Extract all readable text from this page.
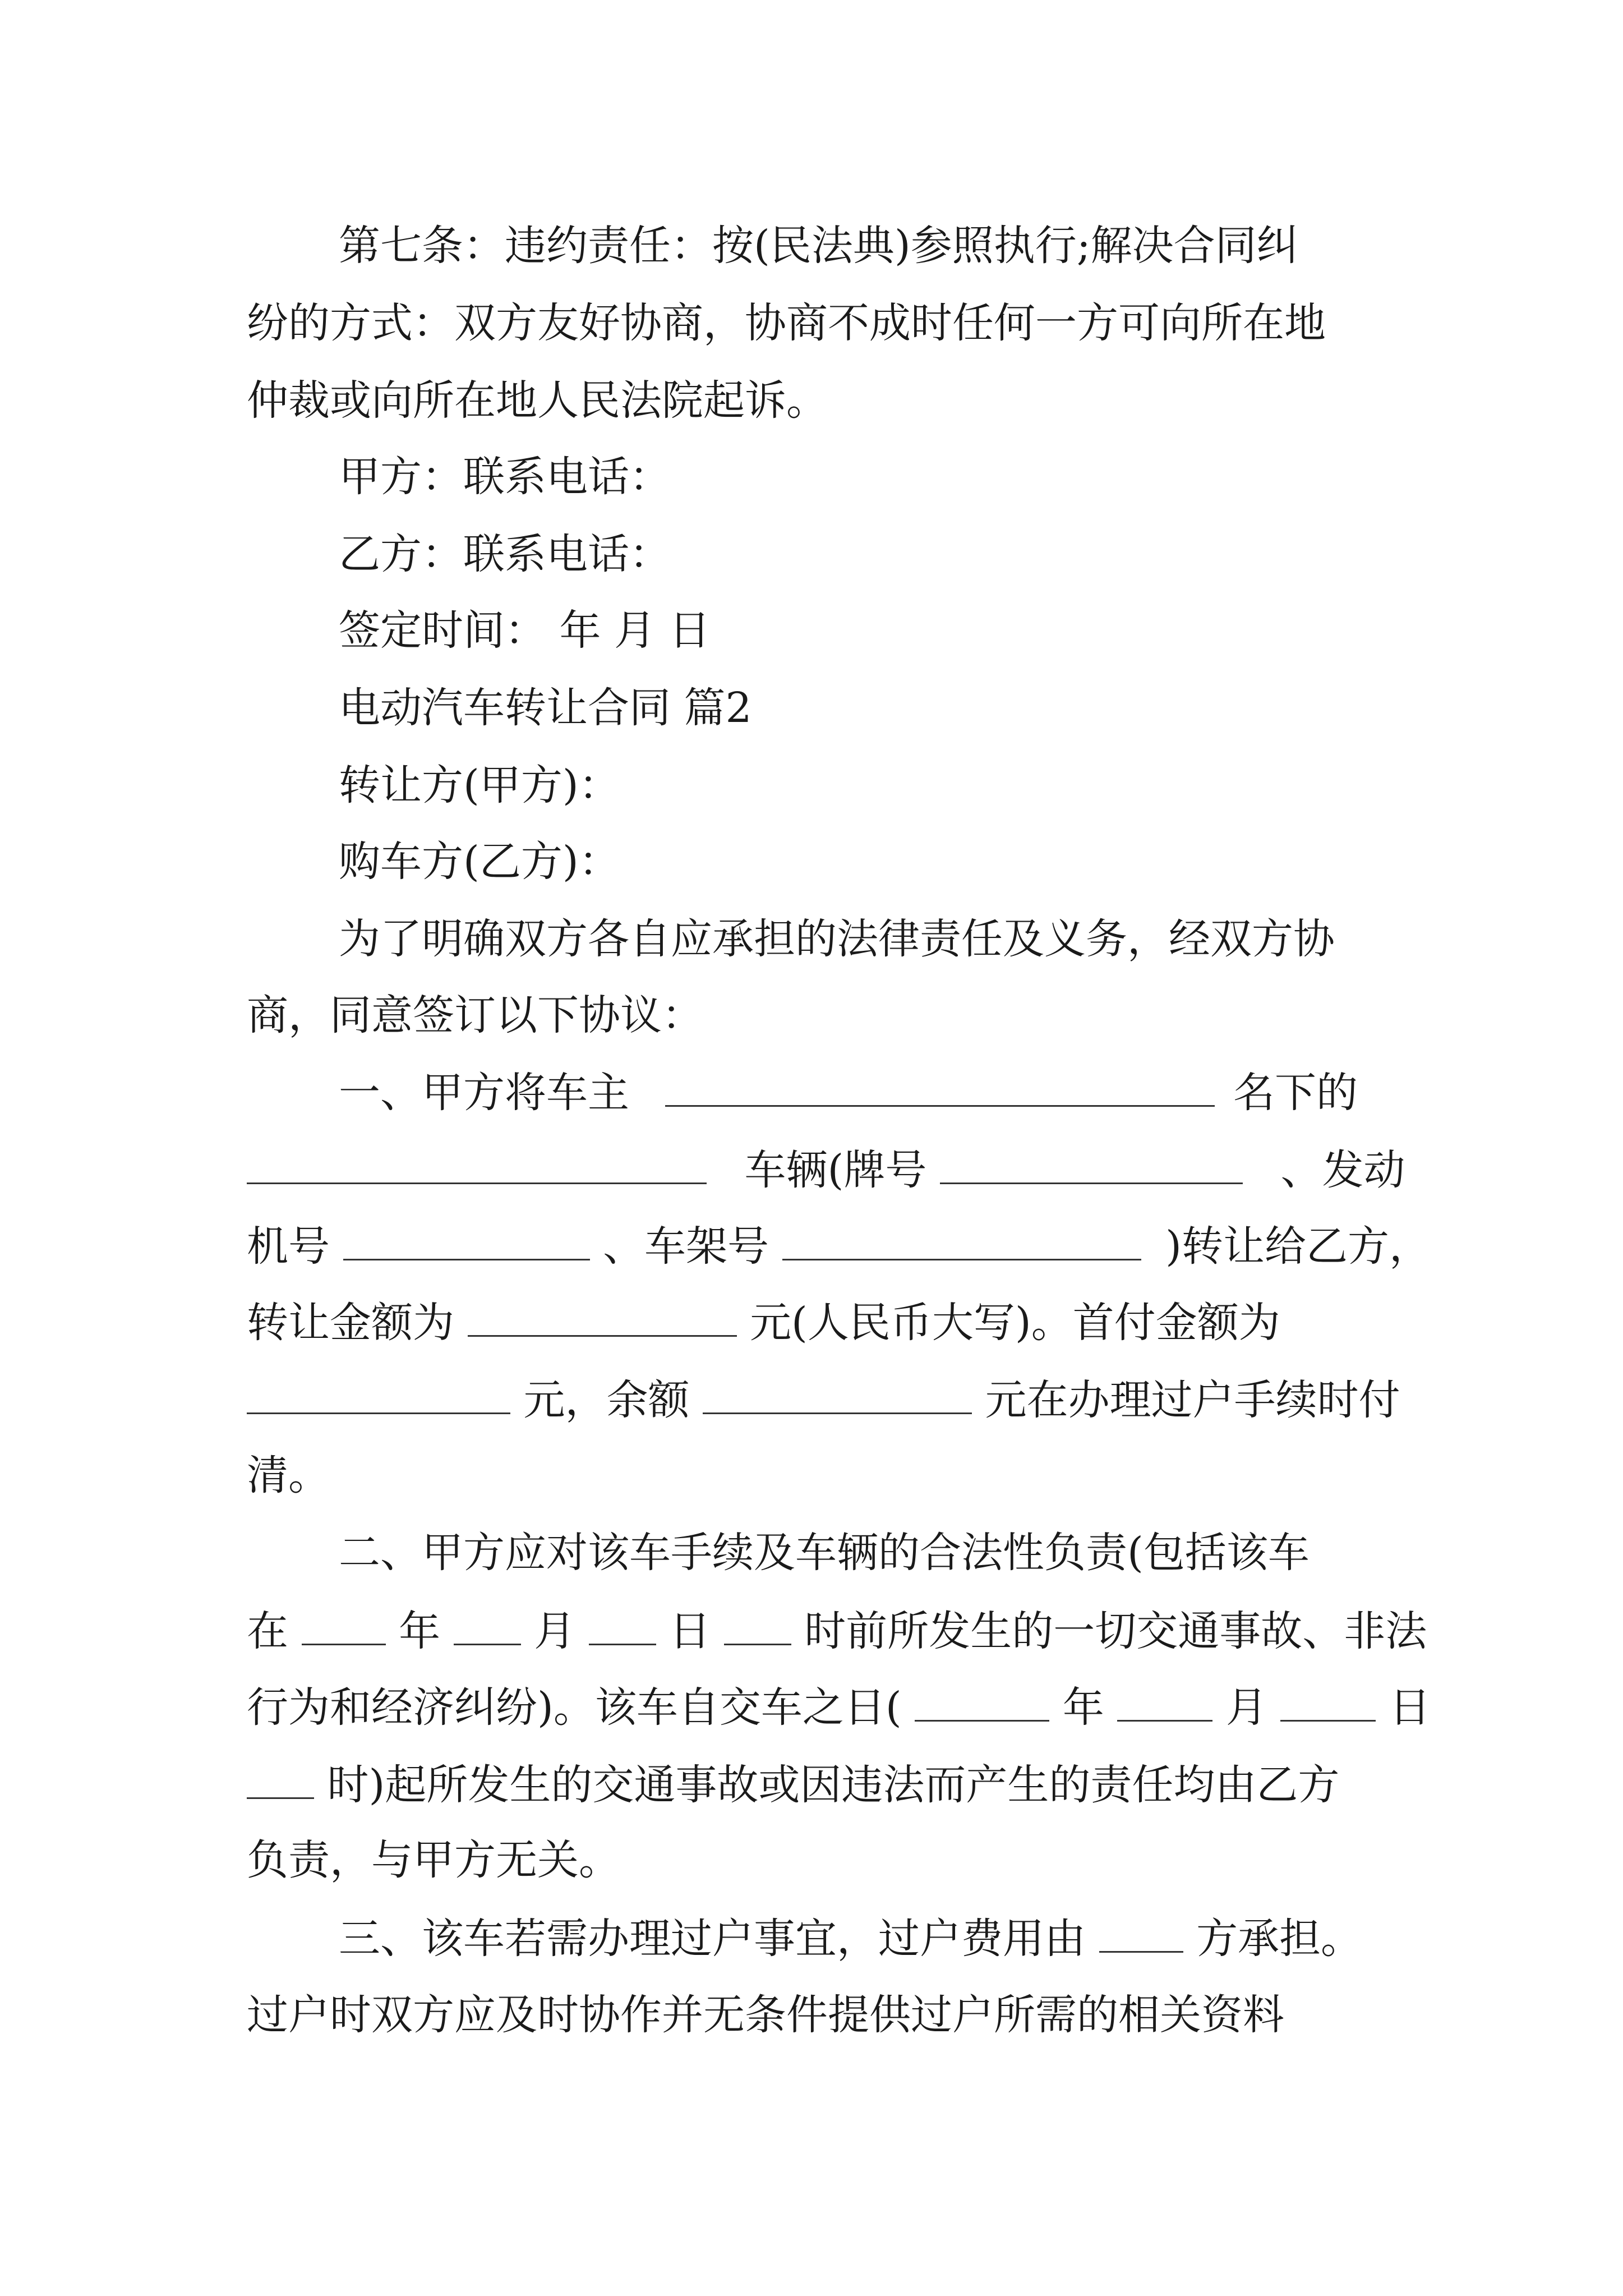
第七条：违约责任：按(民法典)参照执行;解决合同纠
纷的方式：双方友好协商，协商不成时任何一方可向所在地
仲裁或向所在地人民法院起诉。
甲方：联系电话：
乙方：联系电话：
签定时间： 年 月 日
电动汽车转让合同 篇2
转让方(甲方)：
购车方(乙方)：
为了明确双方各自应承担的法律责任及义务，经双方协
商，同意签订以下协议：
一、甲方将车主	名下的
车辆(牌号	、发动
机号	、车架号	)转让给乙方，
转让金额为	元(人民币大写)。首付金额为
元，余额	元在办理过户手续时付
清。
二、甲方应对该车手续及车辆的合法性负责(包括该车
在	年 月 日 时前所发生的一切交通事故、非法
行为和经济纠纷)。该车自交车之日(	年	月	日
时)起所发生的交通事故或因违法而产生的责任均由乙方
负责，与甲方无关。
三、该车若需办理过户事宜，过户费用由	方承担。
过户时双方应及时协作并无条件提供过户所需的相关资料
